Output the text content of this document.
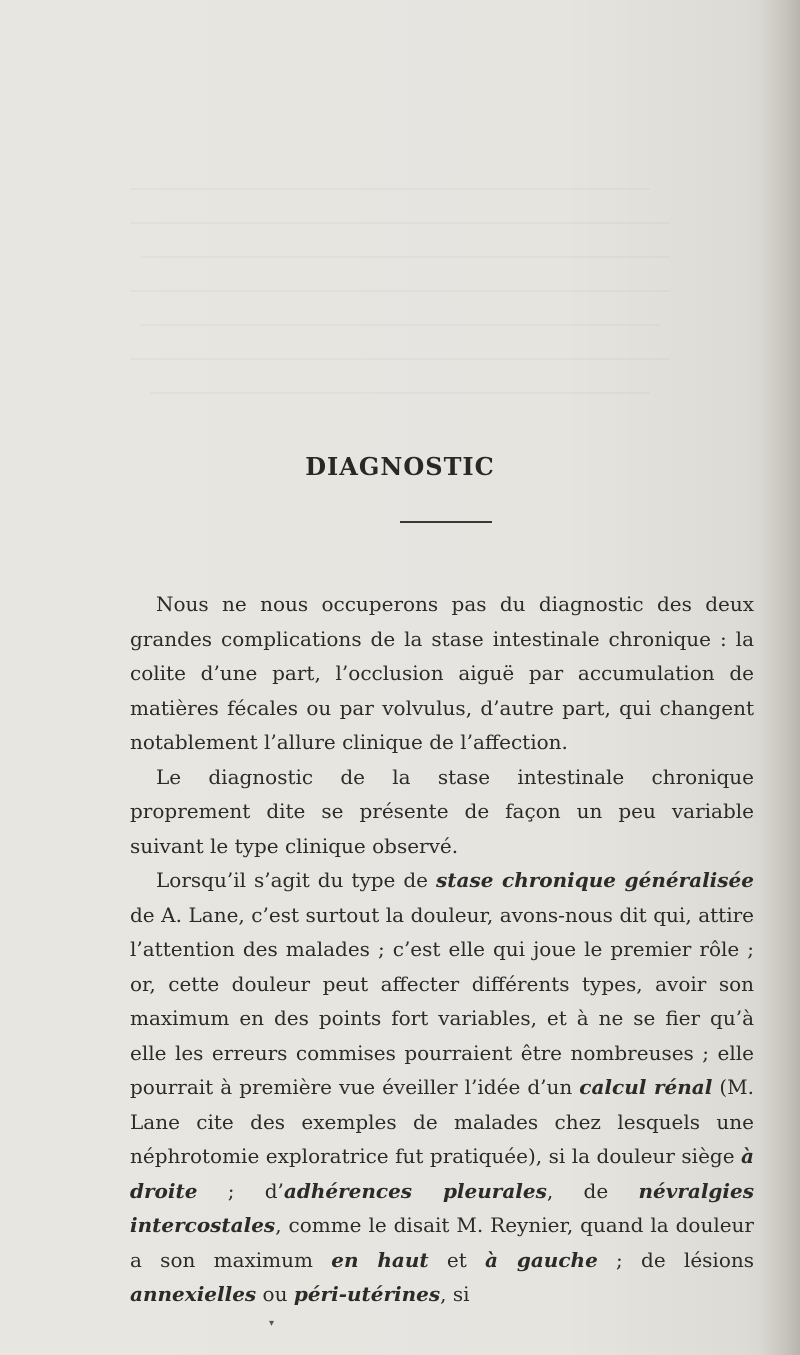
DIAGNOSTIC

Nous ne nous occuperons pas du diagnostic des deux grandes complications de la stase intestinale chronique : la colite d’une part, l’occlusion aiguë par accumulation de matières fécales ou par volvulus, d’autre part, qui changent notablement l’allure clinique de l’affection.

Le diagnostic de la stase intestinale chronique proprement dite se présente de façon un peu variable suivant le type clinique observé.

Lorsqu’il s’agit du type de stase chronique généralisée de A. Lane, c’est surtout la douleur, avons-nous dit qui, attire l’attention des malades ; c’est elle qui joue le premier rôle ; or, cette douleur peut affecter différents types, avoir son maximum en des points fort variables, et à ne se fier qu’à elle les erreurs commises pourraient être nombreuses ; elle pourrait à première vue éveiller l’idée d’un calcul rénal (M. Lane cite des exemples de malades chez lesquels une néphrotomie exploratrice fut pratiquée), si la douleur siège à droite ; d’adhérences pleurales, de névralgies intercostales, comme le disait M. Reynier, quand la douleur a son maximum en haut et à gauche ; de lésions annexielles ou péri-utérines, si

▾
